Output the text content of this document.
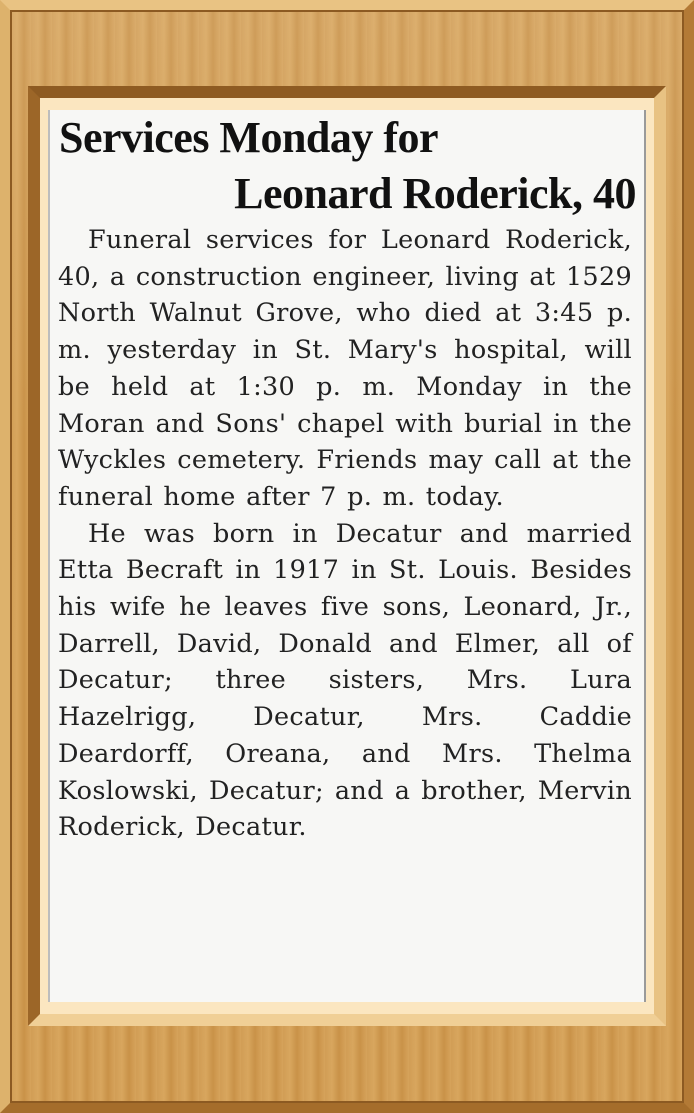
Services Monday for
Leonard Roderick, 40

Funeral services for Leonard Roderick, 40, a construction engineer, living at 1529 North Walnut Grove, who died at 3:45 p. m. yesterday in St. Mary's hospital, will be held at 1:30 p. m. Monday in the Moran and Sons' chapel with burial in the Wyckles cemetery. Friends may call at the funeral home after 7 p. m. today.

He was born in Decatur and married Etta Becraft in 1917 in St. Louis. Besides his wife he leaves five sons, Leonard, Jr., Darrell, David, Donald and Elmer, all of Decatur; three sisters, Mrs. Lura Hazelrigg, Decatur, Mrs. Caddie Deardorff, Oreana, and Mrs. Thelma Koslowski, Decatur; and a brother, Mervin Roderick, Decatur.
